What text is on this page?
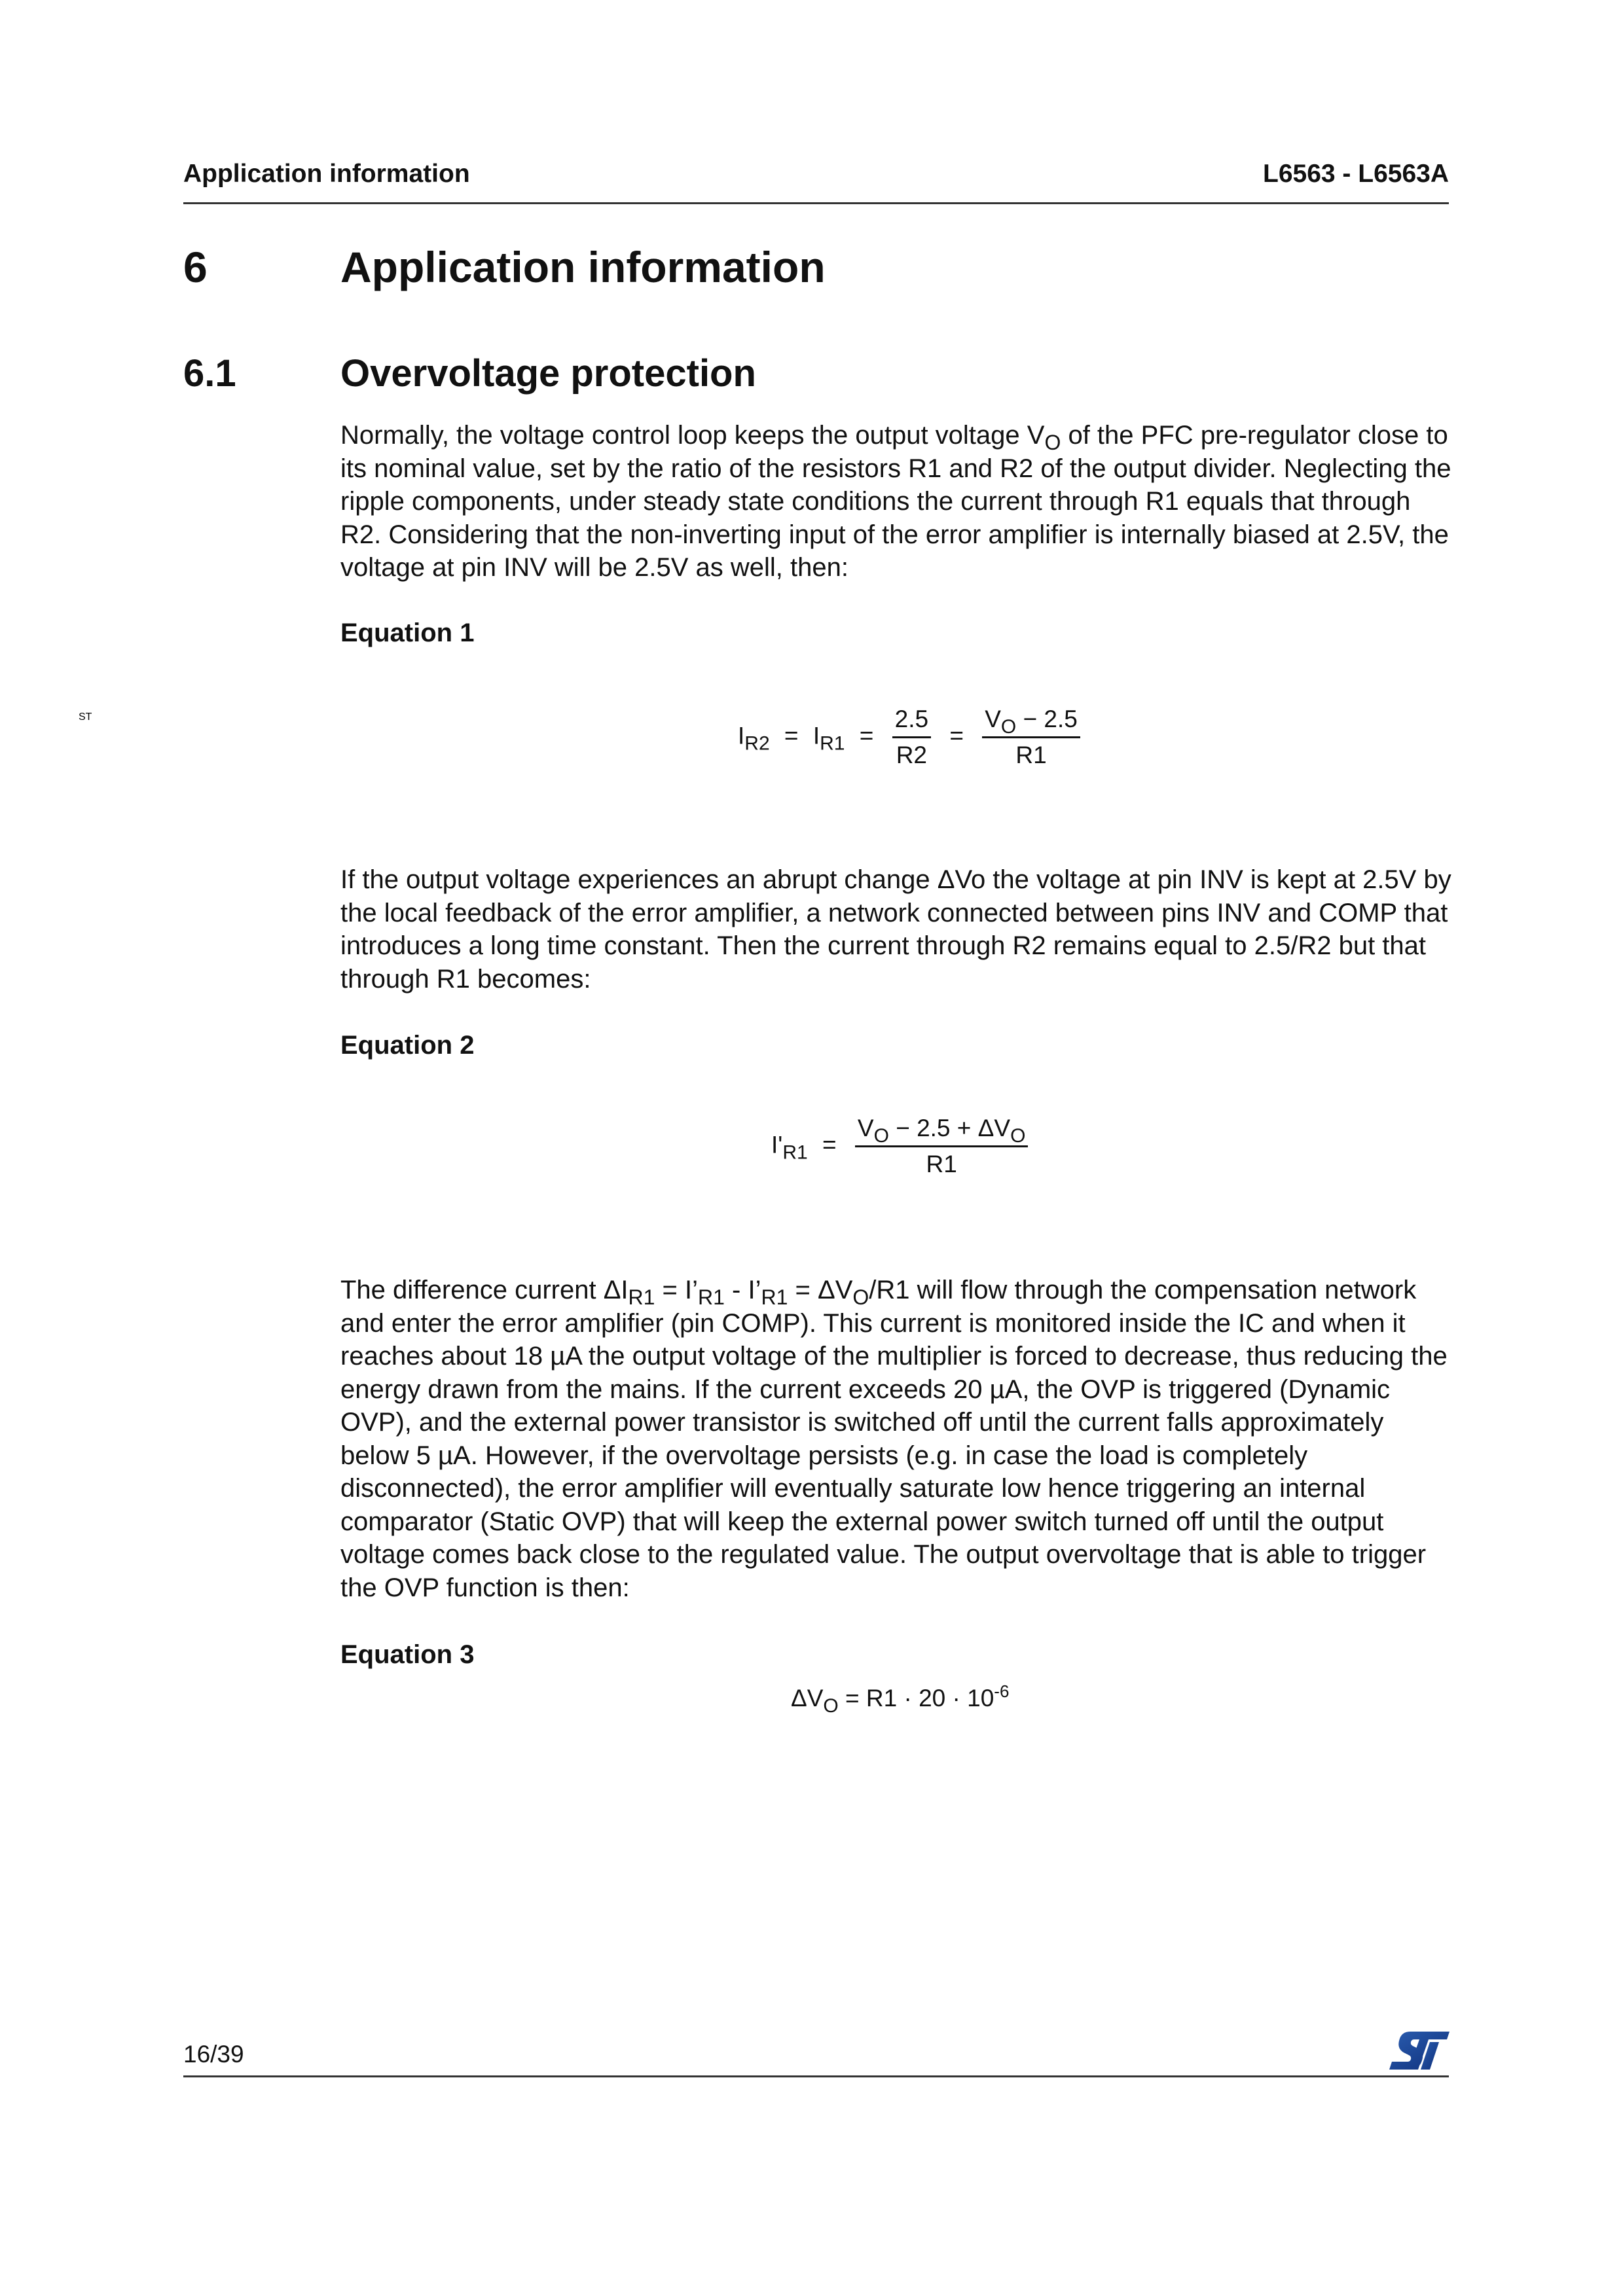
Application information	L6563 - L6563A
6	Application information
6.1	Overvoltage protection
Normally, the voltage control loop keeps the output voltage $V_O$ of the PFC pre-regulator close to its nominal value, set by the ratio of the resistors R1 and R2 of the output divider. Neglecting the ripple components, under steady state conditions the current through R1 equals that through R2. Considering that the non-inverting input of the error amplifier is internally biased at 2.5V, the voltage at pin INV will be 2.5V as well, then:
Equation 1
$I_{R2} = I_{R1} = \frac{2.5}{R2} = \frac{V_O - 2.5}{R1}$
If the output voltage experiences an abrupt change ΔVo the voltage at pin INV is kept at 2.5V by the local feedback of the error amplifier, a network connected between pins INV and COMP that introduces a long time constant. Then the current through R2 remains equal to 2.5/R2 but that through R1 becomes:
Equation 2
$I'_{R1} = \frac{V_O - 2.5 + \Delta V_O}{R1}$
The difference current $\Delta I_{R1}$ = $I’_{R1}$ - $I’_{R1} = \Delta V_O/R1$ will flow through the compensation network and enter the error amplifier (pin COMP). This current is monitored inside the IC and when it reaches about 18 µA the output voltage of the multiplier is forced to decrease, thus reducing the energy drawn from the mains. If the current exceeds 20 µA, the OVP is triggered (Dynamic OVP), and the external power transistor is switched off until the current falls approximately below 5 µA. However, if the overvoltage persists (e.g. in case the load is completely disconnected), the error amplifier will eventually saturate low hence triggering an internal comparator (Static OVP) that will keep the external power switch turned off until the output voltage comes back close to the regulated value. The output overvoltage that is able to trigger the OVP function is then:
Equation 3
$\Delta V_O = R1 \cdot 20 \cdot 10^{-6}$
ST
16/39
